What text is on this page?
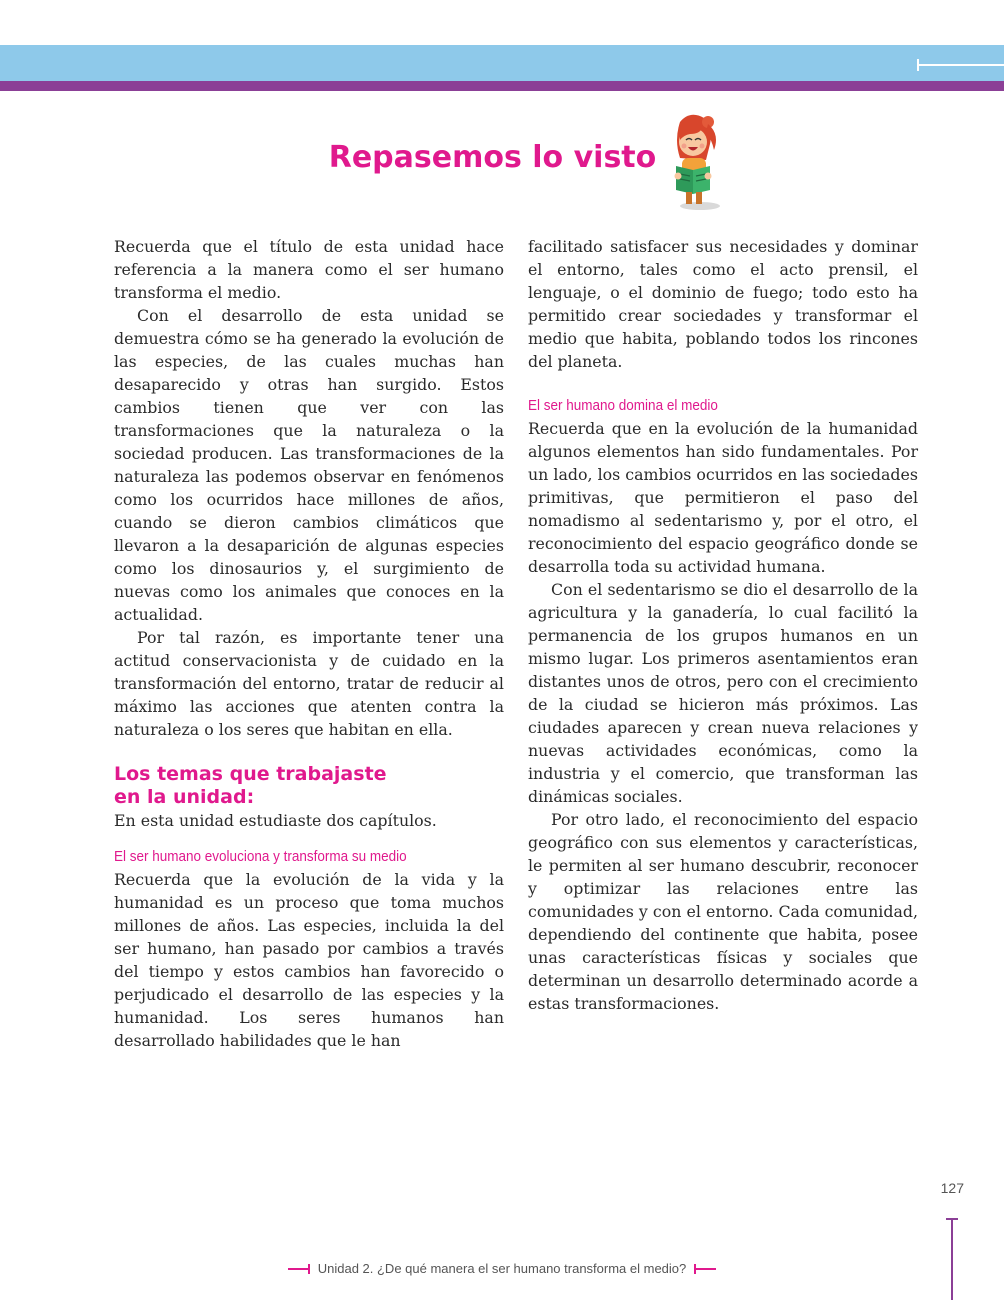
Repasemos lo visto

Recuerda que el título de esta unidad hace referencia a la manera como el ser humano transforma el medio.

Con el desarrollo de esta unidad se demuestra cómo se ha generado la evolución de las especies, de las cuales muchas han desaparecido y otras han surgido. Estos cambios tienen que ver con las transformaciones que la naturaleza o la sociedad producen. Las transformaciones de la naturaleza las podemos observar en fenómenos como los ocurridos hace millones de años, cuando se dieron cambios climáticos que llevaron a la desaparición de algunas especies como los dinosaurios y, el surgimiento de nuevas como los animales que conoces en la actualidad.

Por tal razón, es importante tener una actitud conservacionista y de cuidado en la transformación del entorno, tratar de reducir al máximo las acciones que atenten contra la naturaleza o los seres que habitan en ella.

Los temas que trabajaste
en la unidad:

En esta unidad estudiaste dos capítulos.

El ser humano evoluciona y transforma su medio

Recuerda que la evolución de la vida y la humanidad es un proceso que toma muchos millones de años. Las especies, incluida la del ser humano, han pasado por cambios a través del tiempo y estos cambios han favorecido o perjudicado el desarrollo de las especies y la humanidad. Los seres humanos han desarrollado habilidades que le han

facilitado satisfacer sus necesidades y dominar el entorno, tales como el acto prensil, el lenguaje, o el dominio de fuego; todo esto ha permitido crear sociedades y transformar el medio que habita, poblando todos los rincones del planeta.

El ser humano domina el medio

Recuerda que en la evolución de la humanidad algunos elementos han sido fundamentales. Por un lado, los cambios ocurridos en las sociedades primitivas, que permitieron el paso del nomadismo al sedentarismo y, por el otro, el reconocimiento del espacio geográfico donde se desarrolla toda su actividad humana.

Con el sedentarismo se dio el desarrollo de la agricultura y la ganadería, lo cual facilitó la permanencia de los grupos humanos en un mismo lugar. Los primeros asentamientos eran distantes unos de otros, pero con el crecimiento de la ciudad se hicieron más próximos. Las ciudades aparecen y crean nueva relaciones y nuevas actividades económicas, como la industria y el comercio, que transforman las dinámicas sociales.

Por otro lado, el reconocimiento del espacio geográfico con sus elementos y características, le permiten al ser humano descubrir, reconocer y optimizar las relaciones entre las comunidades y con el entorno. Cada comunidad, dependiendo del continente que habita, posee unas características físicas y sociales que determinan un desarrollo determinado acorde a estas transformaciones.

127
Unidad 2. ¿De qué manera el ser humano transforma el medio?
